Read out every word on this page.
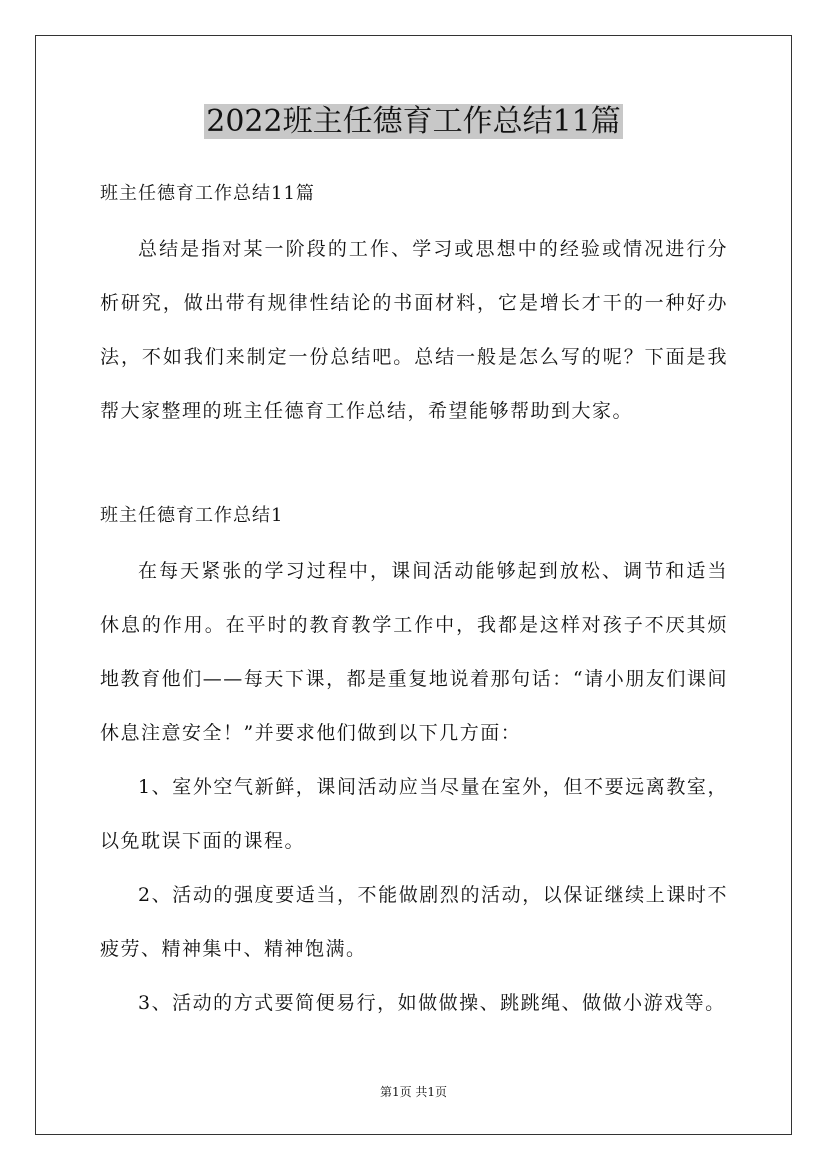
2022班主任德育工作总结11篇

班主任德育工作总结11篇

总结是指对某一阶段的工作、学习或思想中的经验或情况进行分析研究，做出带有规律性结论的书面材料，它是增长才干的一种好办法，不如我们来制定一份总结吧。总结一般是怎么写的呢？下面是我帮大家整理的班主任德育工作总结，希望能够帮助到大家。

班主任德育工作总结1

在每天紧张的学习过程中，课间活动能够起到放松、调节和适当休息的作用。在平时的教育教学工作中，我都是这样对孩子不厌其烦地教育他们——每天下课，都是重复地说着那句话：“请小朋友们课间休息注意安全！”并要求他们做到以下几方面：

1、室外空气新鲜，课间活动应当尽量在室外，但不要远离教室，以免耽误下面的课程。

2、活动的强度要适当，不能做剧烈的活动，以保证继续上课时不疲劳、精神集中、精神饱满。

3、活动的方式要简便易行，如做做操、跳跳绳、做做小游戏等。

第1页 共1页
